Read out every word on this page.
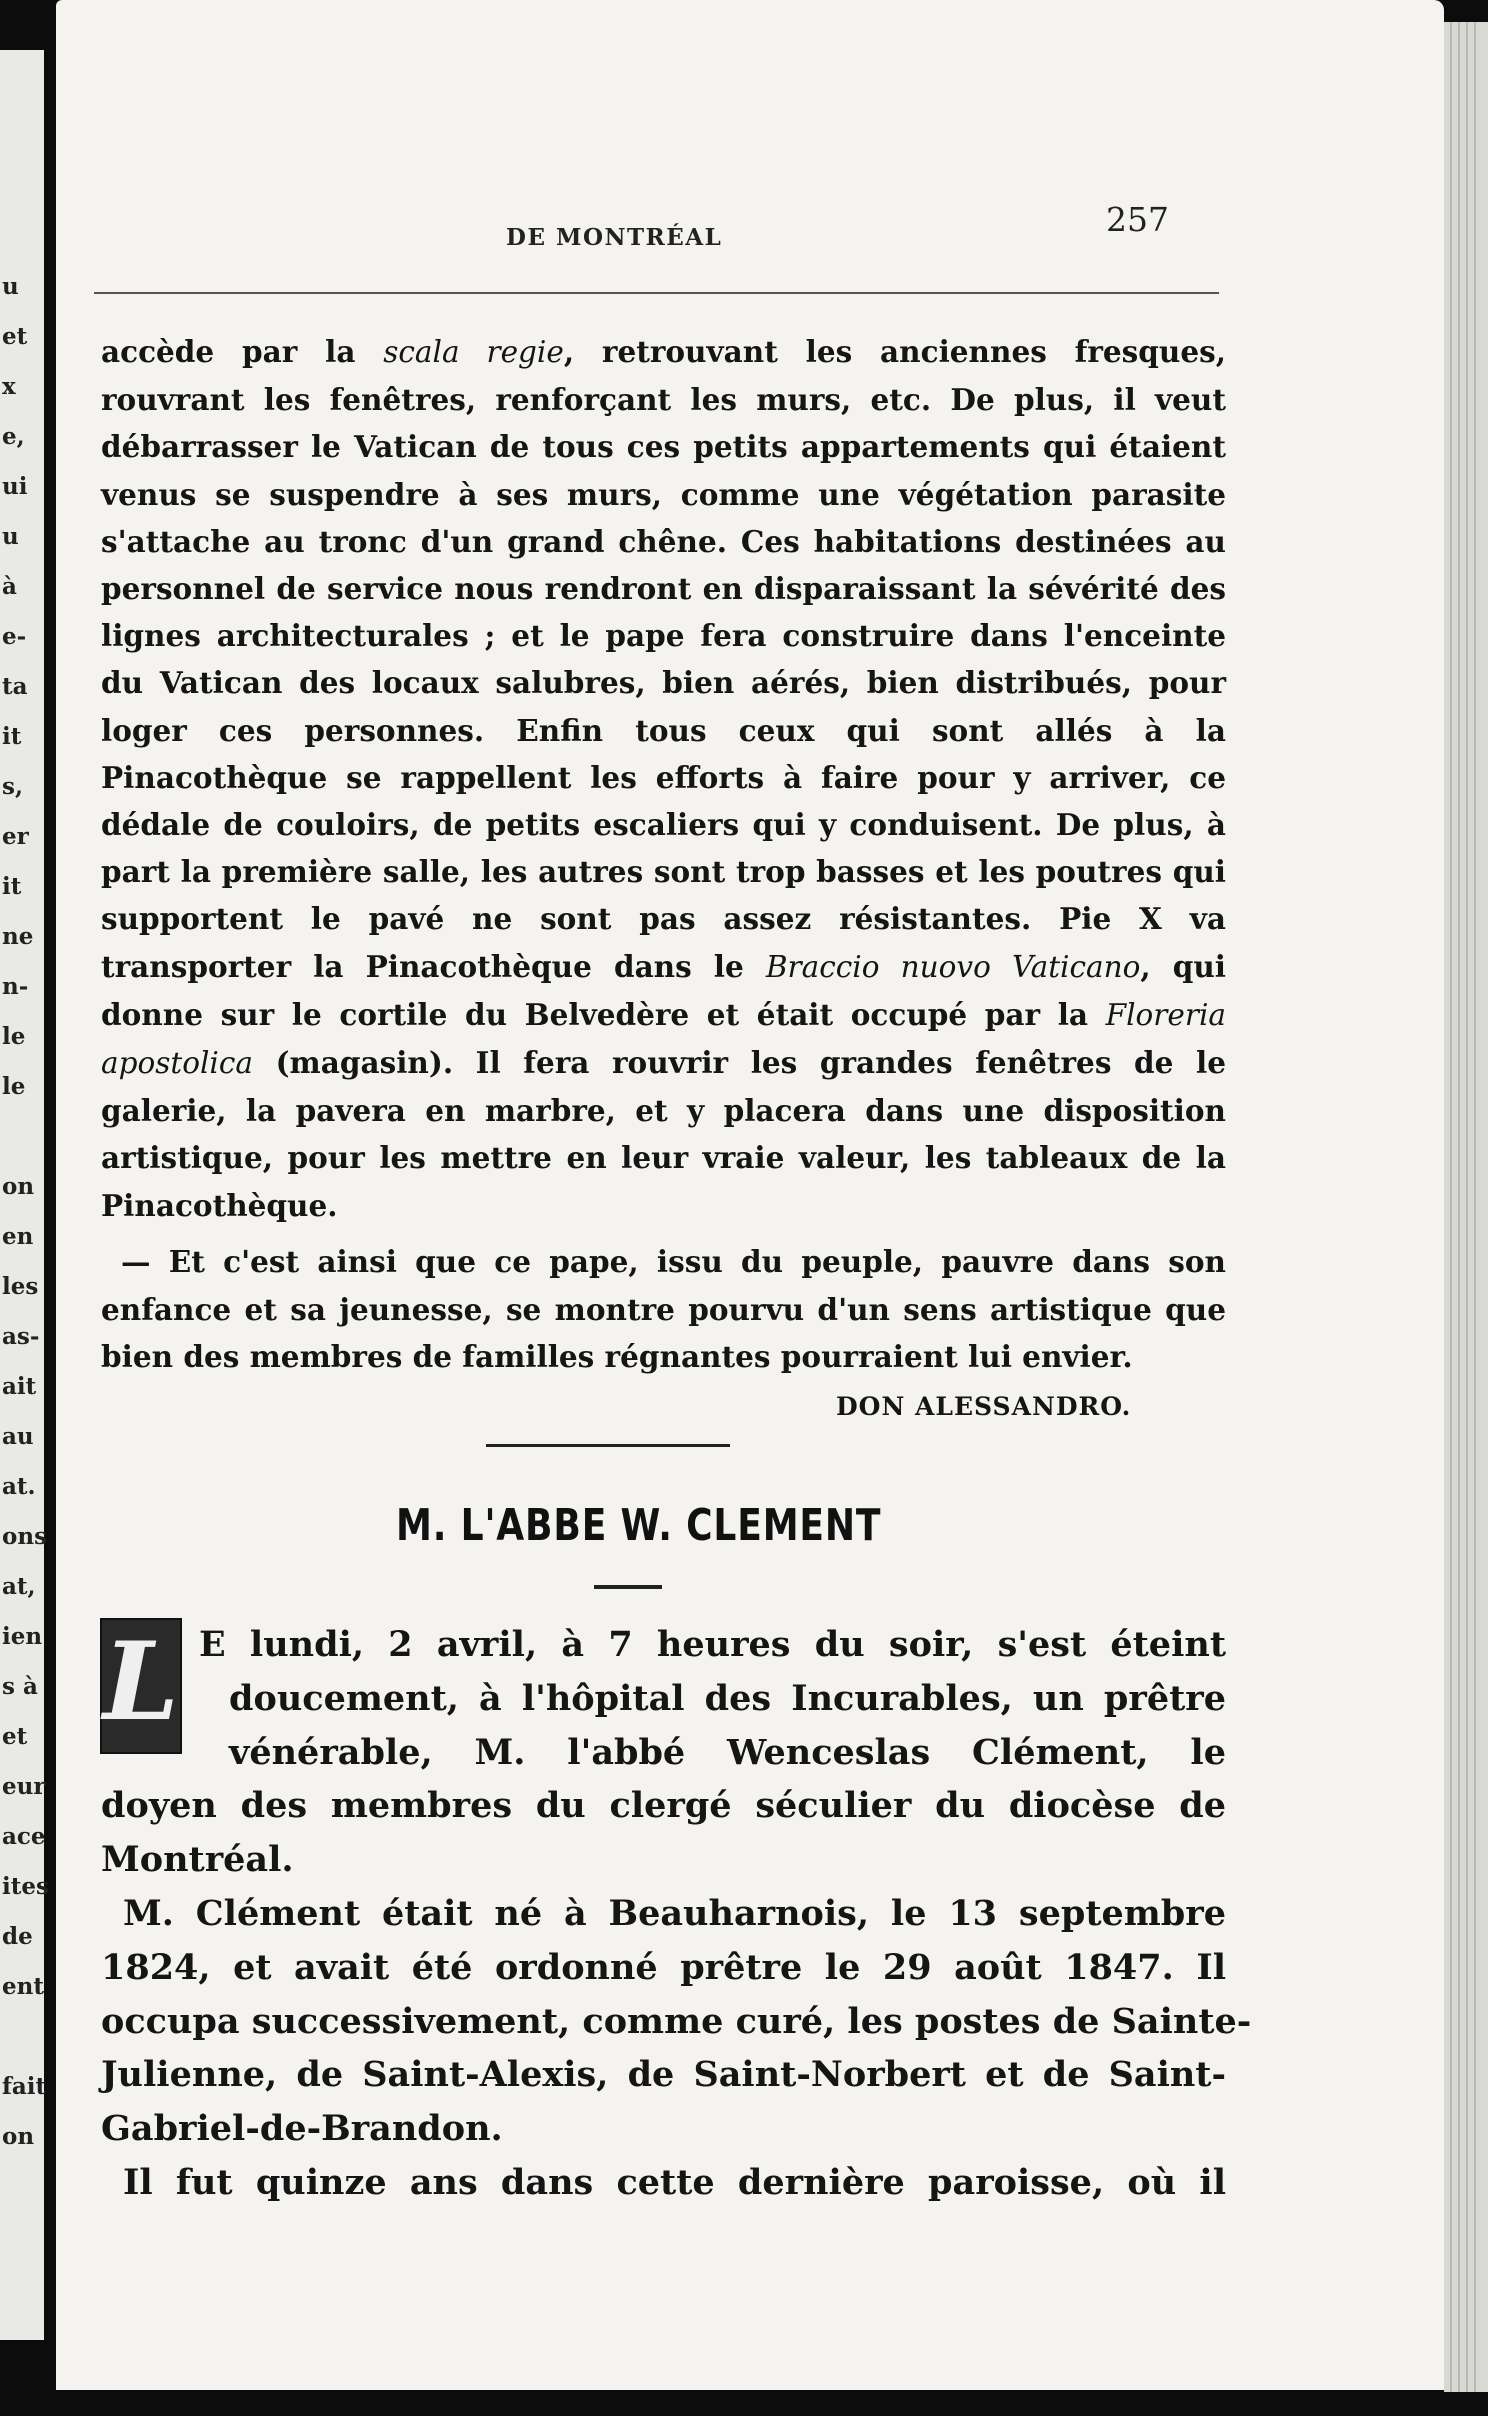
u
et
x
e,
ui
u
à
e-
ta
it
s,
er
it
ne
n-
le
le
on
en
les
as-
ait
au
at.
ons
at,
ien
s à
et
eur
ace
ites
de
ent
fait
on
DE MONTRÉAL	257
accède par la scala regie, retrouvant les anciennes fresques, rouvrant les fenêtres, renforçant les murs, etc. De plus, il veut débarrasser le Vatican de tous ces petits appartements qui étaient venus se suspendre à ses murs, comme une végétation parasite s'attache au tronc d'un grand chêne. Ces habitations destinées au personnel de service nous rendront en disparaissant la sévérité des lignes architecturales ; et le pape fera construire dans l'enceinte du Vatican des locaux salubres, bien aérés, bien distribués, pour loger ces personnes. Enfin tous ceux qui sont allés à la Pinacothèque se rappellent les efforts à faire pour y arriver, ce dédale de couloirs, de petits escaliers qui y conduisent. De plus, à part la première salle, les autres sont trop basses et les poutres qui supportent le pavé ne sont pas assez résistantes. Pie X va transporter la Pinacothèque dans le Braccio nuovo Vaticano, qui donne sur le cortile du Belvedère et était occupé par la Floreria apostolica (magasin). Il fera rouvrir les grandes fenêtres de le galerie, la pavera en marbre, et y placera dans une disposition artistique, pour les mettre en leur vraie valeur, les tableaux de la Pinacothèque.
— Et c'est ainsi que ce pape, issu du peuple, pauvre dans son enfance et sa jeunesse, se montre pourvu d'un sens artistique que bien des membres de familles régnantes pourraient lui envier.
DON ALESSANDRO.
M. L'ABBE W. CLEMENT
L E lundi, 2 avril, à 7 heures du soir, s'est éteint
doucement, à l'hôpital des Incurables, un prêtre
vénérable, M. l'abbé Wenceslas Clément, le
doyen des membres du clergé séculier du diocèse de
Montréal.
M. Clément était né à Beauharnois, le 13 septembre
1824, et avait été ordonné prêtre le 29 août 1847. Il
occupa successivement, comme curé, les postes de Sainte-
Julienne, de Saint-Alexis, de Saint-Norbert et de Saint-
Gabriel-de-Brandon.
Il fut quinze ans dans cette dernière paroisse, où il
